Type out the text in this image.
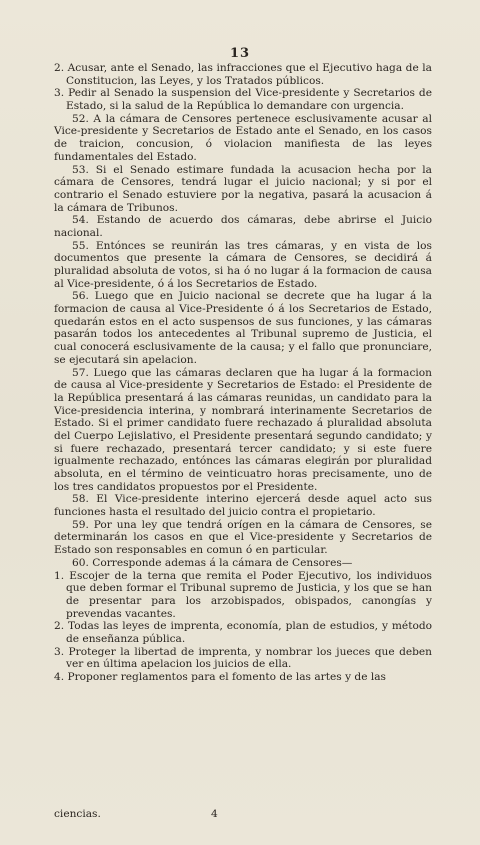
13

2. Acusar, ante el Senado, las infracciones que el Ejecutivo haga de la Constitucion, las Leyes, y los Tratados públicos.

3. Pedir al Senado la suspension del Vice-presidente y Secretarios de Estado, si la salud de la República lo demandare con urgencia.

52. A la cámara de Censores pertenece esclusivamente acusar al Vice-presidente y Secretarios de Estado ante el Senado, en los casos de traicion, concusion, ó violacion manifiesta de las leyes fundamentales del Estado.

53. Si el Senado estimare fundada la acusacion hecha por la cámara de Censores, tendrá lugar el juicio nacional; y si por el contrario el Senado estuviere por la negativa, pasará la acusacion á la cámara de Tribunos.

54. Estando de acuerdo dos cámaras, debe abrirse el Juicio nacional.

55. Entónces se reunirán las tres cámaras, y en vista de los documentos que presente la cámara de Censores, se decidirá á pluralidad absoluta de votos, si ha ó no lugar á la formacion de causa al Vice-presidente, ó á los Secretarios de Estado.

56. Luego que en Juicio nacional se decrete que ha lugar á la formacion de causa al Vice-Presidente ó á los Secretarios de Estado, quedarán estos en el acto suspensos de sus funciones, y las cámaras pasarán todos los antecedentes al Tribunal supremo de Justicia, el cual conocerá esclusivamente de la causa; y el fallo que pronunciare, se ejecutará sin apelacion.

57. Luego que las cámaras declaren que ha lugar á la formacion de causa al Vice-presidente y Secretarios de Estado: el Presidente de la República presentará á las cámaras reunidas, un candidato para la Vice-presidencia interina, y nombrará interinamente Secretarios de Estado. Si el primer candidato fuere rechazado á pluralidad absoluta del Cuerpo Lejislativo, el Presidente presentará segundo candidato; y si fuere rechazado, presentará tercer candidato; y si este fuere igualmente rechazado, entónces las cámaras elegirán por pluralidad absoluta, en el término de veinticuatro horas precisamente, uno de los tres candidatos propuestos por el Presidente.

58. El Vice-presidente interino ejercerá desde aquel acto sus funciones hasta el resultado del juicio contra el propietario.

59. Por una ley que tendrá orígen en la cámara de Censores, se determinarán los casos en que el Vice-presidente y Secretarios de Estado son responsables en comun ó en particular.

60. Corresponde ademas á la cámara de Censores—

1. Escojer de la terna que remita el Poder Ejecutivo, los individuos que deben formar el Tribunal supremo de Justicia, y los que se han de presentar para los arzobispados, obispados, canongías y prevendas vacantes.

2. Todas las leyes de imprenta, economía, plan de estudios, y método de enseñanza pública.

3. Proteger la libertad de imprenta, y nombrar los jueces que deben ver en última apelacion los juicios de ella.

4. Proponer reglamentos para el fomento de las artes y de las

ciencias.	4
